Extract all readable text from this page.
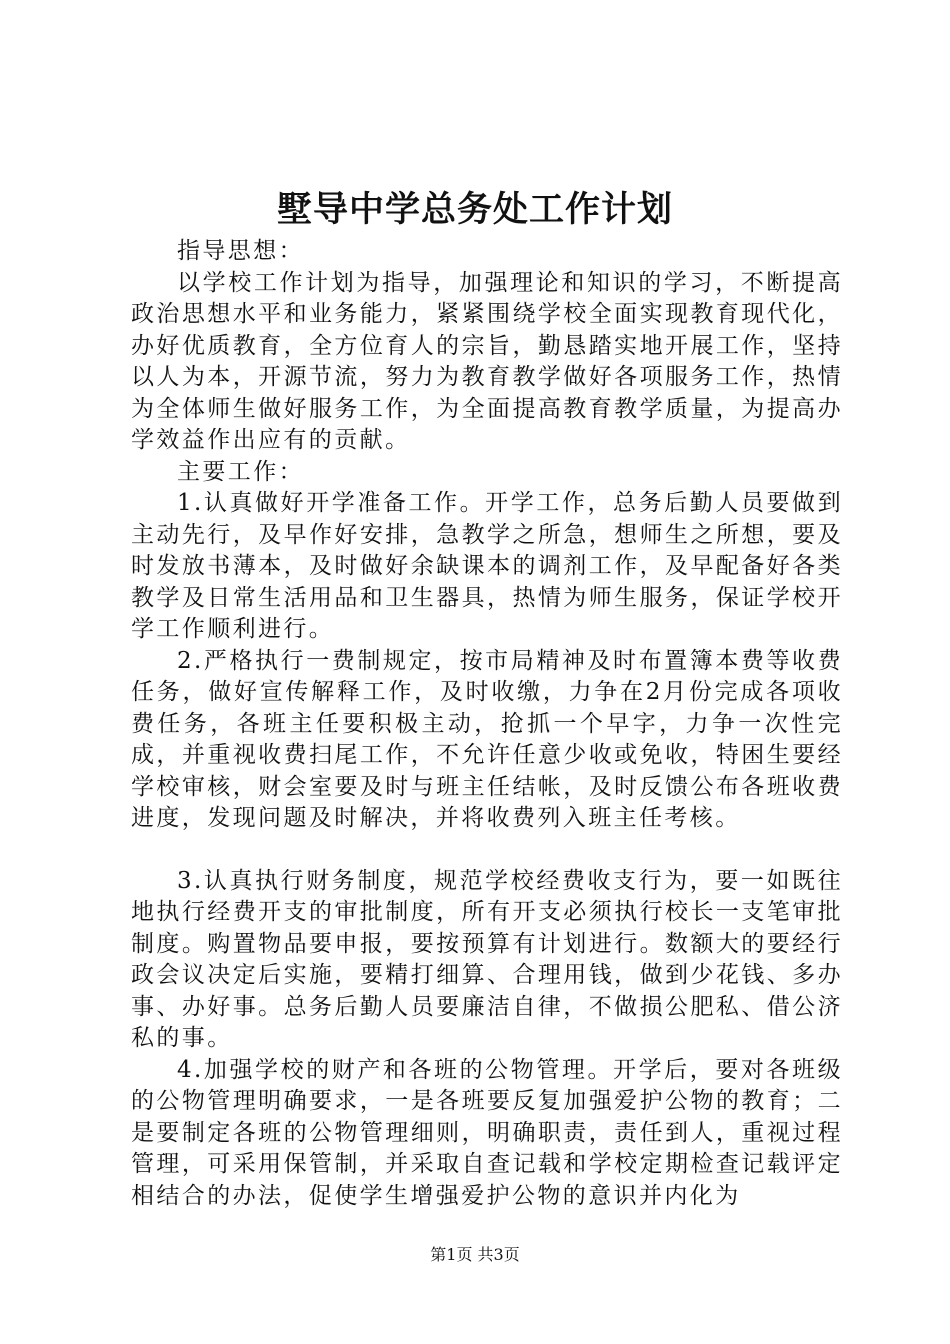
墅导中学总务处工作计划

指导思想：

以学校工作计划为指导，加强理论和知识的学习，不断提高政治思想水平和业务能力，紧紧围绕学校全面实现教育现代化，办好优质教育，全方位育人的宗旨，勤恳踏实地开展工作，坚持以人为本，开源节流，努力为教育教学做好各项服务工作，热情为全体师生做好服务工作，为全面提高教育教学质量，为提高办学效益作出应有的贡献。

主要工作：

1.认真做好开学准备工作。开学工作，总务后勤人员要做到主动先行，及早作好安排，急教学之所急，想师生之所想，要及时发放书薄本，及时做好余缺课本的调剂工作，及早配备好各类教学及日常生活用品和卫生器具，热情为师生服务，保证学校开学工作顺利进行。

2.严格执行一费制规定，按市局精神及时布置簿本费等收费任务，做好宣传解释工作，及时收缴，力争在2月份完成各项收费任务，各班主任要积极主动，抢抓一个早字，力争一次性完成，并重视收费扫尾工作，不允许任意少收或免收，特困生要经学校审核，财会室要及时与班主任结帐，及时反馈公布各班收费进度，发现问题及时解决，并将收费列入班主任考核。

3.认真执行财务制度，规范学校经费收支行为，要一如既往地执行经费开支的审批制度，所有开支必须执行校长一支笔审批制度。购置物品要申报，要按预算有计划进行。数额大的要经行政会议决定后实施，要精打细算、合理用钱，做到少花钱、多办事、办好事。总务后勤人员要廉洁自律，不做损公肥私、借公济私的事。

4.加强学校的财产和各班的公物管理。开学后，要对各班级的公物管理明确要求，一是各班要反复加强爱护公物的教育；二是要制定各班的公物管理细则，明确职责，责任到人，重视过程管理，可采用保管制，并采取自查记载和学校定期检查记载评定相结合的办法，促使学生增强爱护公物的意识并内化为

第1页 共3页
